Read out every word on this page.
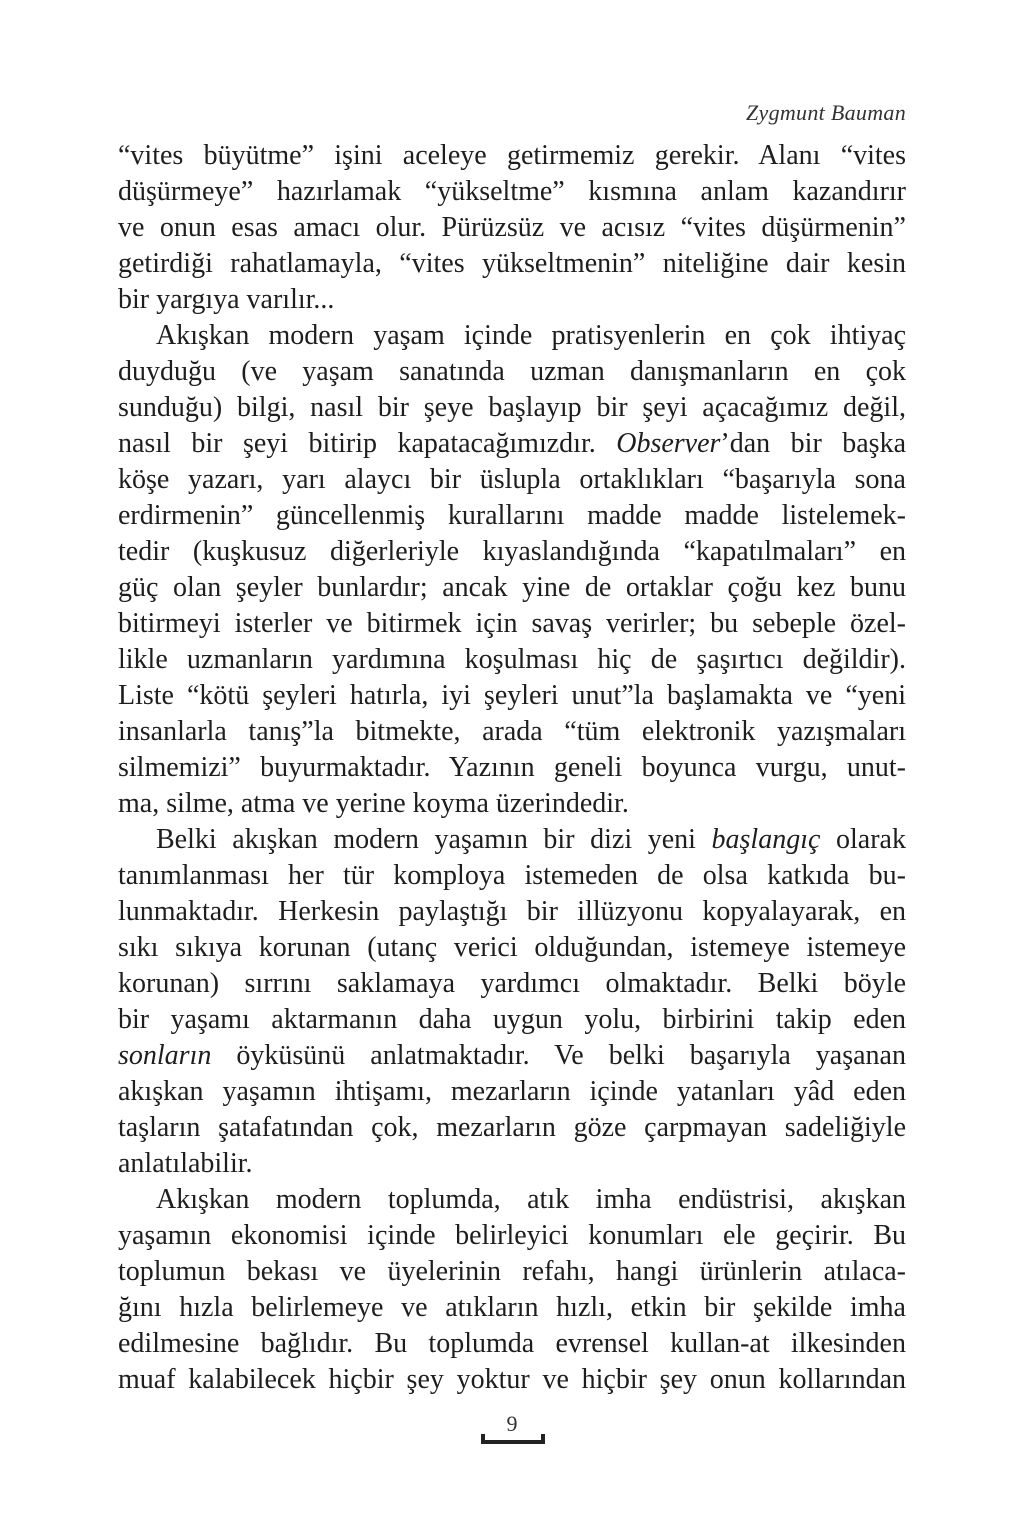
Zygmunt Bauman
“vites büyütme” işini aceleye getirmemiz gerekir. Alanı “vites
düşürmeye” hazırlamak “yükseltme” kısmına anlam kazandırır
ve onun esas amacı olur. Pürüzsüz ve acısız “vites düşürmenin”
getirdiği rahatlamayla, “vites yükseltmenin” niteliğine dair kesin
bir yargıya varılır...
Akışkan modern yaşam içinde pratisyenlerin en çok ihtiyaç
duyduğu (ve yaşam sanatında uzman danışmanların en çok
sunduğu) bilgi, nasıl bir şeye başlayıp bir şeyi açacağımız değil,
nasıl bir şeyi bitirip kapatacağımızdır. Observer’dan bir başka
köşe yazarı, yarı alaycı bir üslupla ortaklıkları “başarıyla sona
erdirmenin” güncellenmiş kurallarını madde madde listelemek-
tedir (kuşkusuz diğerleriyle kıyaslandığında “kapatılmaları” en
güç olan şeyler bunlardır; ancak yine de ortaklar çoğu kez bunu
bitirmeyi isterler ve bitirmek için savaş verirler; bu sebeple özel-
likle uzmanların yardımına koşulması hiç de şaşırtıcı değildir).
Liste “kötü şeyleri hatırla, iyi şeyleri unut”la başlamakta ve “yeni
insanlarla tanış”la bitmekte, arada “tüm elektronik yazışmaları
silmemizi” buyurmaktadır. Yazının geneli boyunca vurgu, unut-
ma, silme, atma ve yerine koyma üzerindedir.
Belki akışkan modern yaşamın bir dizi yeni başlangıç olarak
tanımlanması her tür komploya istemeden de olsa katkıda bu-
lunmaktadır. Herkesin paylaştığı bir illüzyonu kopyalayarak, en
sıkı sıkıya korunan (utanç verici olduğundan, istemeye istemeye
korunan) sırrını saklamaya yardımcı olmaktadır. Belki böyle
bir yaşamı aktarmanın daha uygun yolu, birbirini takip eden
sonların öyküsünü anlatmaktadır. Ve belki başarıyla yaşanan
akışkan yaşamın ihtişamı, mezarların içinde yatanları yâd eden
taşların şatafatından çok, mezarların göze çarpmayan sadeliğiyle
anlatılabilir.
Akışkan modern toplumda, atık imha endüstrisi, akışkan
yaşamın ekonomisi içinde belirleyici konumları ele geçirir. Bu
toplumun bekası ve üyelerinin refahı, hangi ürünlerin atılaca-
ğını hızla belirlemeye ve atıkların hızlı, etkin bir şekilde imha
edilmesine bağlıdır. Bu toplumda evrensel kullan-at ilkesinden
muaf kalabilecek hiçbir şey yoktur ve hiçbir şey onun kollarından
9
